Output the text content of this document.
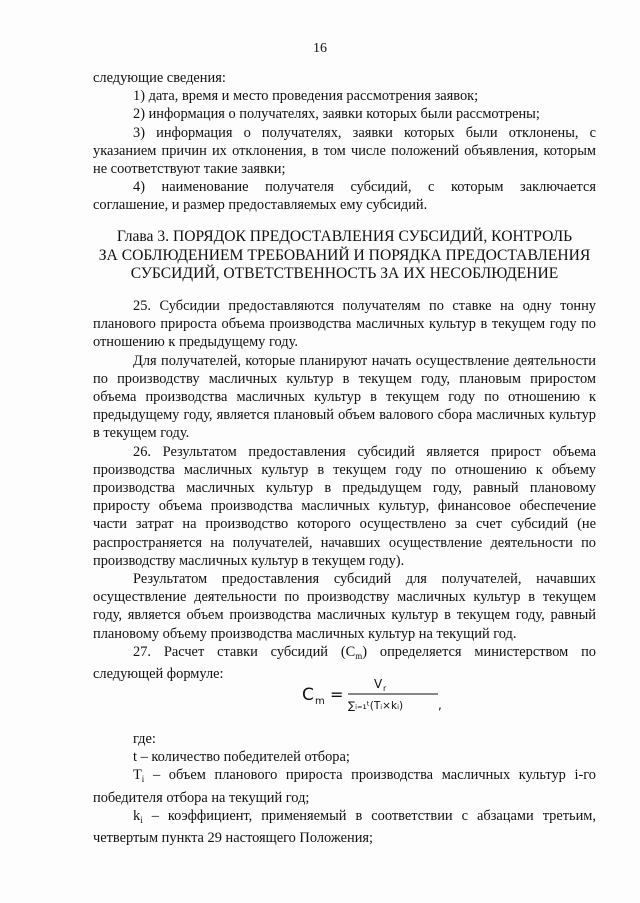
16

следующие сведения:

1) дата, время и место проведения рассмотрения заявок;

2) информация о получателях, заявки которых были рассмотрены;

3) информация о получателях, заявки которых были отклонены, с указанием причин их отклонения, в том числе положений объявления, которым не соответствуют такие заявки;

4) наименование получателя субсидий, с которым заключается соглашение, и размер предоставляемых ему субсидий.

Глава 3. ПОРЯДОК ПРЕДОСТАВЛЕНИЯ СУБСИДИЙ, КОНТРОЛЬ
ЗА СОБЛЮДЕНИЕМ ТРЕБОВАНИЙ И ПОРЯДКА ПРЕДОСТАВЛЕНИЯ
СУБСИДИЙ, ОТВЕТСТВЕННОСТЬ ЗА ИХ НЕСОБЛЮДЕНИЕ

25. Субсидии предоставляются получателям по ставке на одну тонну планового прироста объема производства масличных культур в текущем году по отношению к предыдущему году.

Для получателей, которые планируют начать осуществление деятельности по производству масличных культур в текущем году, плановым приростом объема производства масличных культур в текущем году по отношению к предыдущему году, является плановый объем валового сбора масличных культур в текущем году.

26. Результатом предоставления субсидий является прирост объема производства масличных культур в текущем году по отношению к объему производства масличных культур в предыдущем году, равный плановому приросту объема производства масличных культур, финансовое обеспечение части затрат на производство которого осуществлено за счет субсидий (не распространяется на получателей, начавших осуществление деятельности по производству масличных культур в текущем году).

Результатом предоставления субсидий для получателей, начавших осуществление деятельности по производству масличных культур в текущем году, является объем производства масличных культур в текущем году, равный плановому объему производства масличных культур на текущий год.

27. Расчет ставки субсидий $(C_m)$ определяется министерством по следующей формуле:

C m =
V r
∑ᵢ₌₁ᵗ(Tᵢ×kᵢ)	,

где:

t – количество победителей отбора;

$T_i$ – объем планового прироста производства масличных культур i-го победителя отбора на текущий год;

$k_i$ – коэффициент, применяемый в соответствии с абзацами третьим, четвертым пункта 29 настоящего Положения;
